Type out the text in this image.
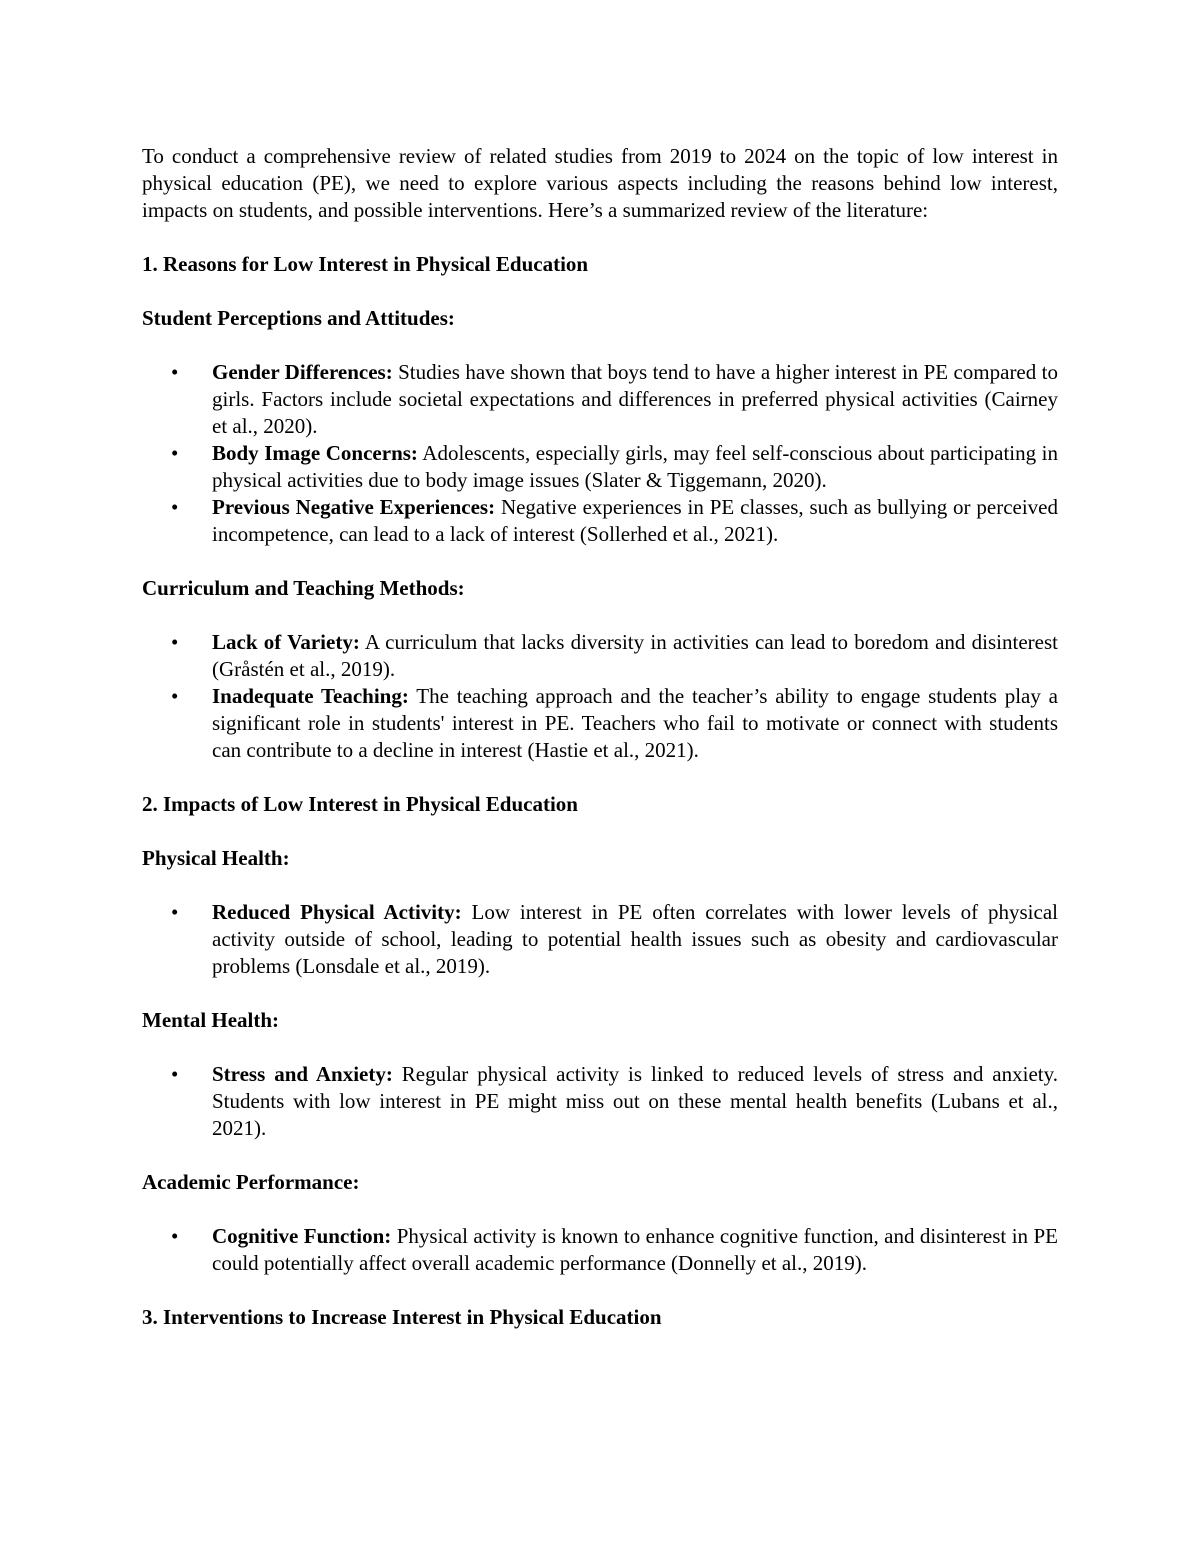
To conduct a comprehensive review of related studies from 2019 to 2024 on the topic of low interest in physical education (PE), we need to explore various aspects including the reasons behind low interest, impacts on students, and possible interventions. Here’s a summarized review of the literature:

1. Reasons for Low Interest in Physical Education

Student Perceptions and Attitudes:

• Gender Differences: Studies have shown that boys tend to have a higher interest in PE compared to girls. Factors include societal expectations and differences in preferred physical activities (Cairney et al., 2020).
• Body Image Concerns: Adolescents, especially girls, may feel self-conscious about participating in physical activities due to body image issues (Slater & Tiggemann, 2020).
• Previous Negative Experiences: Negative experiences in PE classes, such as bullying or perceived incompetence, can lead to a lack of interest (Sollerhed et al., 2021).

Curriculum and Teaching Methods:

• Lack of Variety: A curriculum that lacks diversity in activities can lead to boredom and disinterest (Gråstén et al., 2019).
• Inadequate Teaching: The teaching approach and the teacher’s ability to engage students play a significant role in students' interest in PE. Teachers who fail to motivate or connect with students can contribute to a decline in interest (Hastie et al., 2021).

2. Impacts of Low Interest in Physical Education

Physical Health:

• Reduced Physical Activity: Low interest in PE often correlates with lower levels of physical activity outside of school, leading to potential health issues such as obesity and cardiovascular problems (Lonsdale et al., 2019).

Mental Health:

• Stress and Anxiety: Regular physical activity is linked to reduced levels of stress and anxiety. Students with low interest in PE might miss out on these mental health benefits (Lubans et al., 2021).

Academic Performance:

• Cognitive Function: Physical activity is known to enhance cognitive function, and disinterest in PE could potentially affect overall academic performance (Donnelly et al., 2019).

3. Interventions to Increase Interest in Physical Education
